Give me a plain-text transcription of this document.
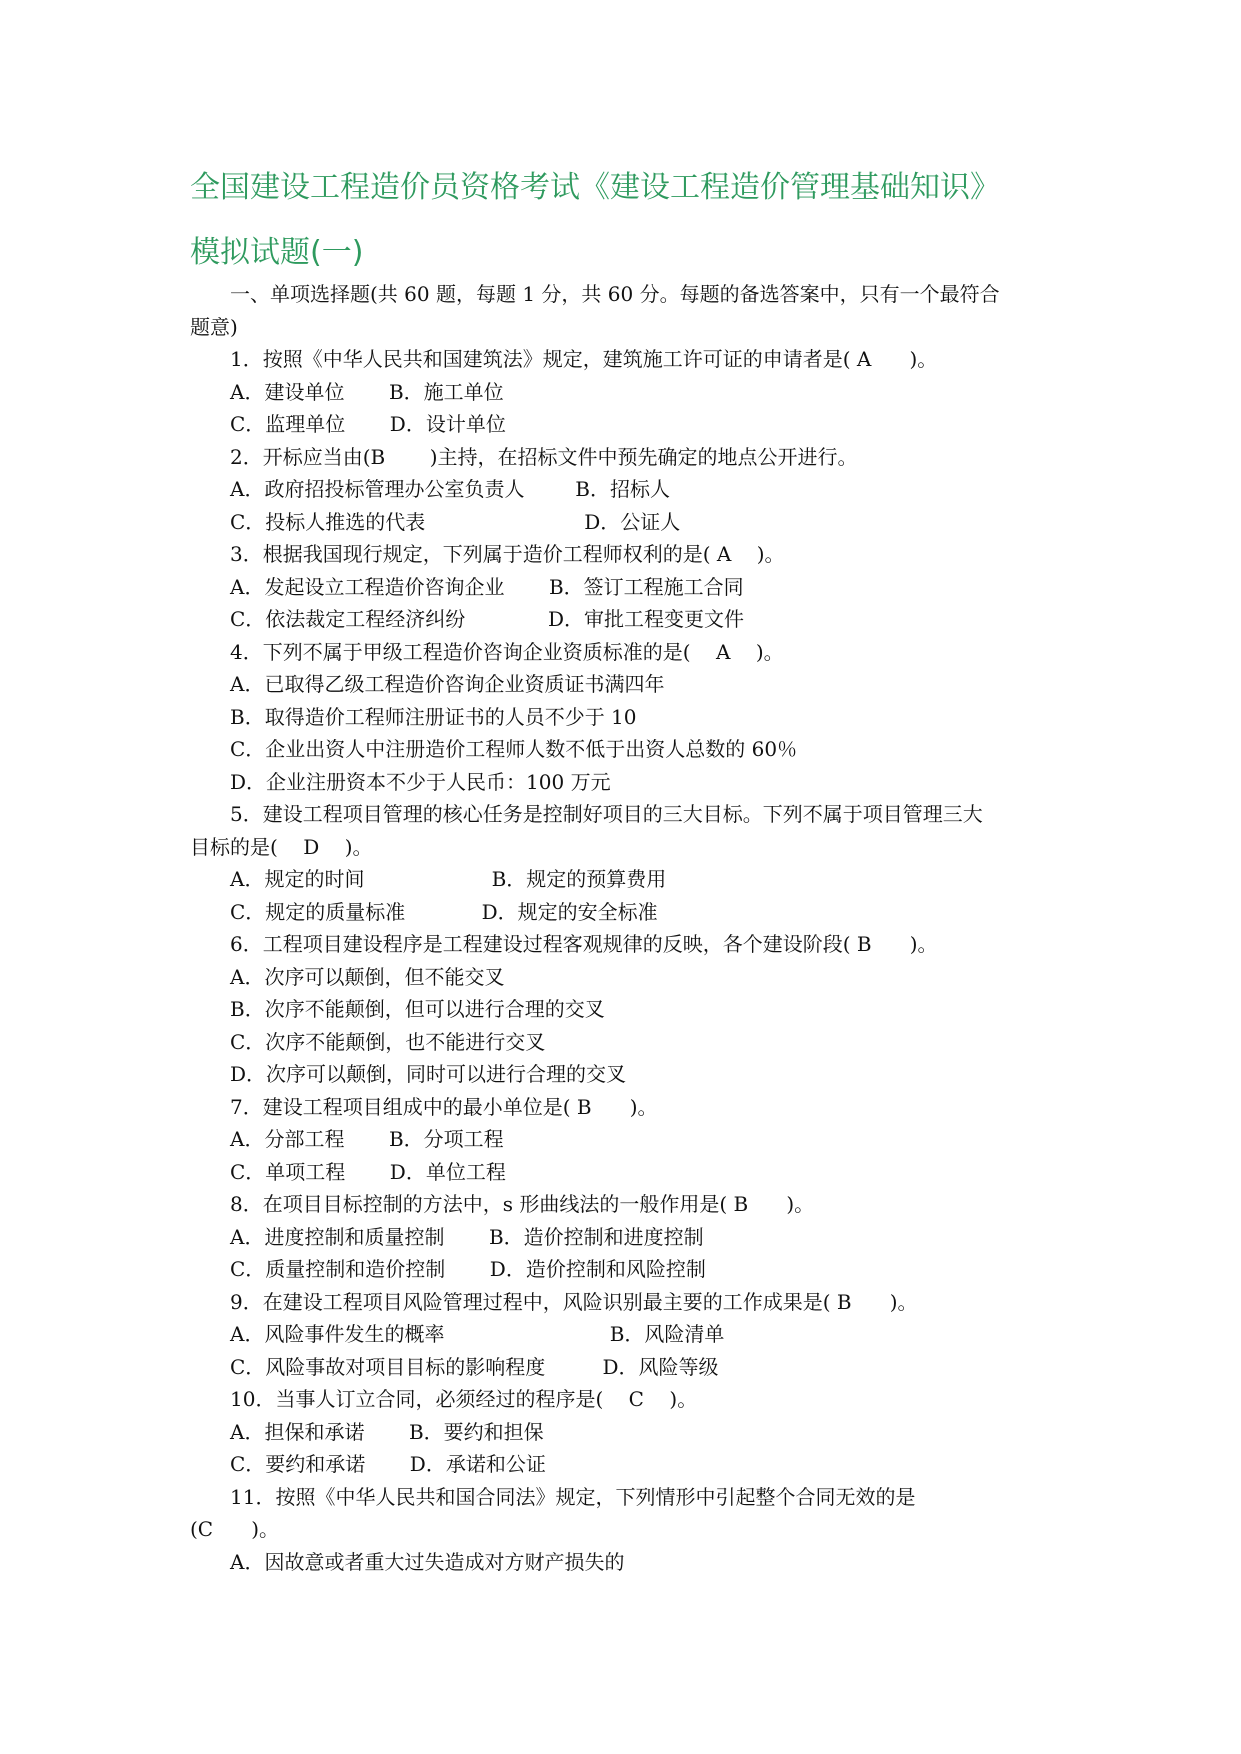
全国建设工程造价员资格考试《建设工程造价管理基础知识》
模拟试题(一)
一、单项选择题(共 60 题，每题 1 分，共 60 分。每题的备选答案中，只有一个最符合
题意)
1．按照《中华人民共和国建筑法》规定，建筑施工许可证的申请者是( A      )。
A．建设单位       B．施工单位
C．监理单位       D．设计单位
2．开标应当由(B       )主持，在招标文件中预先确定的地点公开进行。
A．政府招投标管理办公室负责人        B．招标人
C．投标人推选的代表                         D．公证人
3．根据我国现行规定，下列属于造价工程师权利的是( A    )。
A．发起设立工程造价咨询企业       B．签订工程施工合同
C．依法裁定工程经济纠纷             D．审批工程变更文件
4．下列不属于甲级工程造价咨询企业资质标准的是(    A    )。
A．已取得乙级工程造价咨询企业资质证书满四年
B．取得造价工程师注册证书的人员不少于 10
C．企业出资人中注册造价工程师人数不低于出资人总数的 60％
D．企业注册资本不少于人民币：100 万元
5．建设工程项目管理的核心任务是控制好项目的三大目标。下列不属于项目管理三大
目标的是(    D    )。
A．规定的时间                    B．规定的预算费用
C．规定的质量标准            D．规定的安全标准
6．工程项目建设程序是工程建设过程客观规律的反映，各个建设阶段( B      )。
A．次序可以颠倒，但不能交叉
B．次序不能颠倒，但可以进行合理的交叉
C．次序不能颠倒，也不能进行交叉
D．次序可以颠倒，同时可以进行合理的交叉
7．建设工程项目组成中的最小单位是( B      )。
A．分部工程       B．分项工程
C．单项工程       D．单位工程
8．在项目目标控制的方法中，s 形曲线法的一般作用是( B      )。
A．进度控制和质量控制       B．造价控制和进度控制
C．质量控制和造价控制       D．造价控制和风险控制
9．在建设工程项目风险管理过程中，风险识别最主要的工作成果是( B      )。
A．风险事件发生的概率                          B．风险清单
C．风险事故对项目目标的影响程度         D．风险等级
10．当事人订立合同，必须经过的程序是(    C    )。
A．担保和承诺       B．要约和担保
C．要约和承诺       D．承诺和公证
11．按照《中华人民共和国合同法》规定，下列情形中引起整个合同无效的是
(C      )。
A．因故意或者重大过失造成对方财产损失的
